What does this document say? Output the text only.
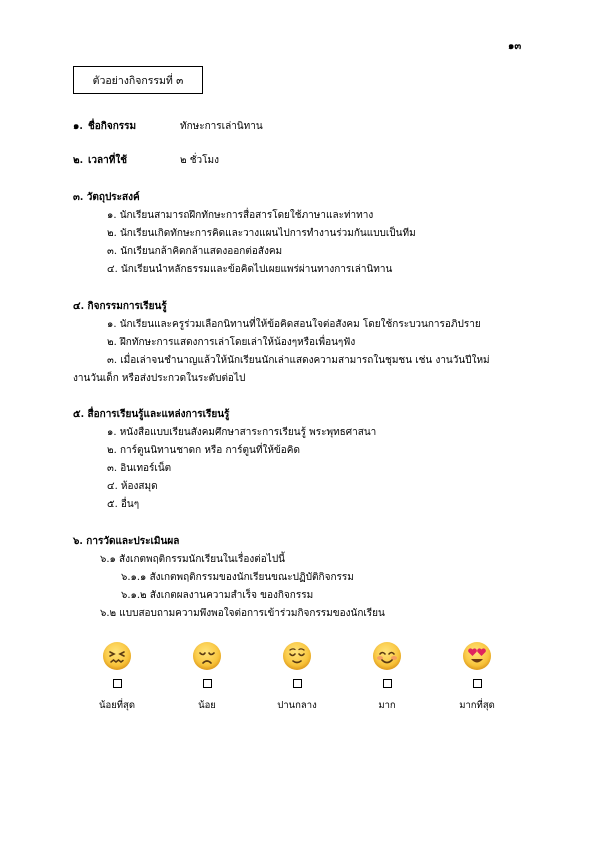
๑๓
ตัวอย่างกิจกรรมที่ ๓
๑. ชื่อกิจกรรม	ทักษะการเล่านิทาน
๒. เวลาที่ใช้	๒ ชั่วโมง
๓. วัตถุประสงค์
๑. นักเรียนสามารถฝึกทักษะการสื่อสารโดยใช้ภาษาและท่าทาง
๒. นักเรียนเกิดทักษะการคิดและวางแผนไปการทำงานร่วมกันแบบเป็นทีม
๓. นักเรียนกล้าคิดกล้าแสดงออกต่อสังคม
๔. นักเรียนนำหลักธรรมและข้อคิดไปเผยแพร่ผ่านทางการเล่านิทาน
๔. กิจกรรมการเรียนรู้
๑. นักเรียนและครูร่วมเลือกนิทานที่ให้ข้อคิดสอนใจต่อสังคม โดยใช้กระบวนการอภิปราย
๒. ฝึกทักษะการแสดงการเล่าโดยเล่าให้น้องๆหรือเพื่อนๆฟัง
๓. เมื่อเล่าจนชำนาญแล้วให้นักเรียนนักเล่าแสดงความสามารถในชุมชน เช่น งานวันปีใหม่
งานวันเด็ก หรือส่งประกวดในระดับต่อไป
๕. สื่อการเรียนรู้และแหล่งการเรียนรู้
๑. หนังสือแบบเรียนสังคมศึกษาสาระการเรียนรู้ พระพุทธศาสนา
๒. การ์ตูนนิทานชาดก หรือ การ์ตูนที่ให้ข้อคิด
๓. อินเทอร์เน็ต
๔. ห้องสมุด
๕. อื่นๆ
๖. การวัดและประเมินผล
๖.๑ สังเกตพฤติกรรมนักเรียนในเรื่องต่อไปนี้
๖.๑.๑ สังเกตพฤติกรรมของนักเรียนขณะปฏิบัติกิจกรรม
๖.๑.๒ สังเกตผลงานความสำเร็จ ของกิจกรรม
๖.๒ แบบสอบถามความพึงพอใจต่อการเข้าร่วมกิจกรรมของนักเรียน
น้อยที่สุด	น้อย	ปานกลาง	มาก	มากที่สุด
